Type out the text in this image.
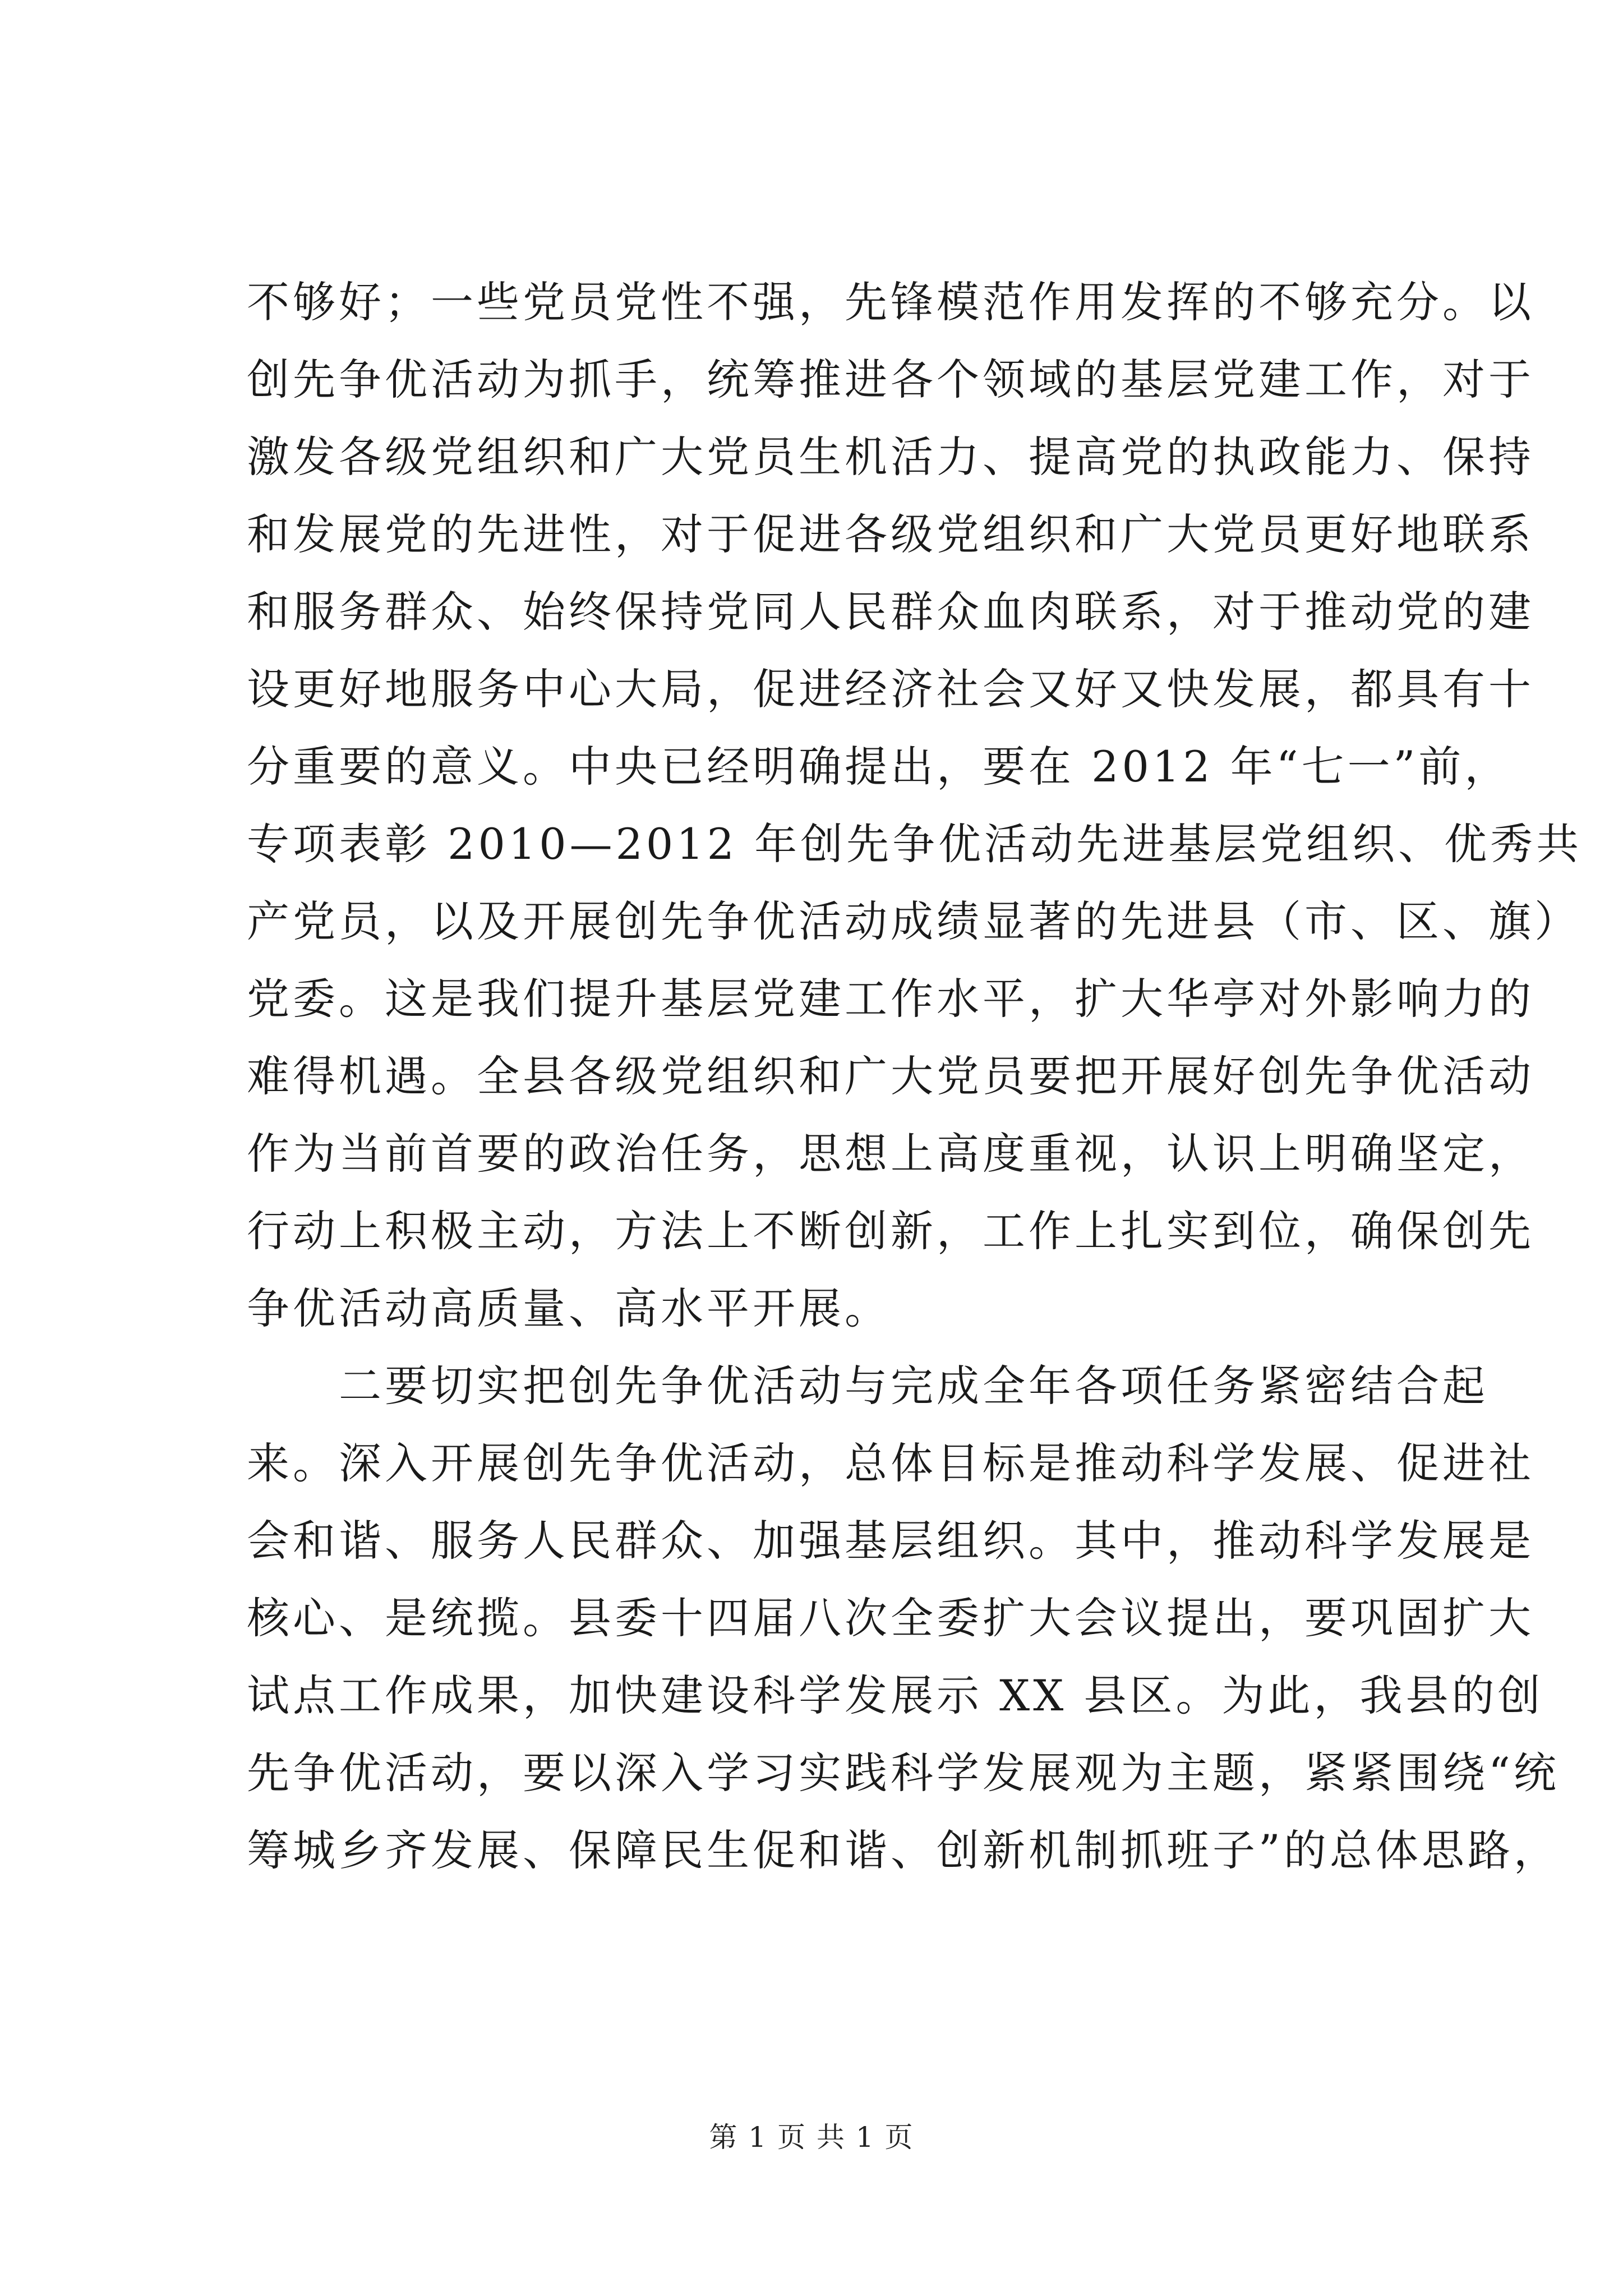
不够好；一些党员党性不强，先锋模范作用发挥的不够充分。以
创先争优活动为抓手，统筹推进各个领域的基层党建工作，对于
激发各级党组织和广大党员生机活力、提高党的执政能力、保持
和发展党的先进性，对于促进各级党组织和广大党员更好地联系
和服务群众、始终保持党同人民群众血肉联系，对于推动党的建
设更好地服务中心大局，促进经济社会又好又快发展，都具有十
分重要的意义。中央已经明确提出，要在 2012 年“七一”前，
专项表彰 2010—2012 年创先争优活动先进基层党组织、优秀共
产党员，以及开展创先争优活动成绩显著的先进县（市、区、旗）
党委。这是我们提升基层党建工作水平，扩大华亭对外影响力的
难得机遇。全县各级党组织和广大党员要把开展好创先争优活动
作为当前首要的政治任务，思想上高度重视，认识上明确坚定，
行动上积极主动，方法上不断创新，工作上扎实到位，确保创先
争优活动高质量、高水平开展。

二要切实把创先争优活动与完成全年各项任务紧密结合起
来。深入开展创先争优活动，总体目标是推动科学发展、促进社
会和谐、服务人民群众、加强基层组织。其中，推动科学发展是
核心、是统揽。县委十四届八次全委扩大会议提出，要巩固扩大
试点工作成果，加快建设科学发展示 XX 县区。为此，我县的创
先争优活动，要以深入学习实践科学发展观为主题，紧紧围绕“统
筹城乡齐发展、保障民生促和谐、创新机制抓班子”的总体思路，

第 1 页 共 1 页
